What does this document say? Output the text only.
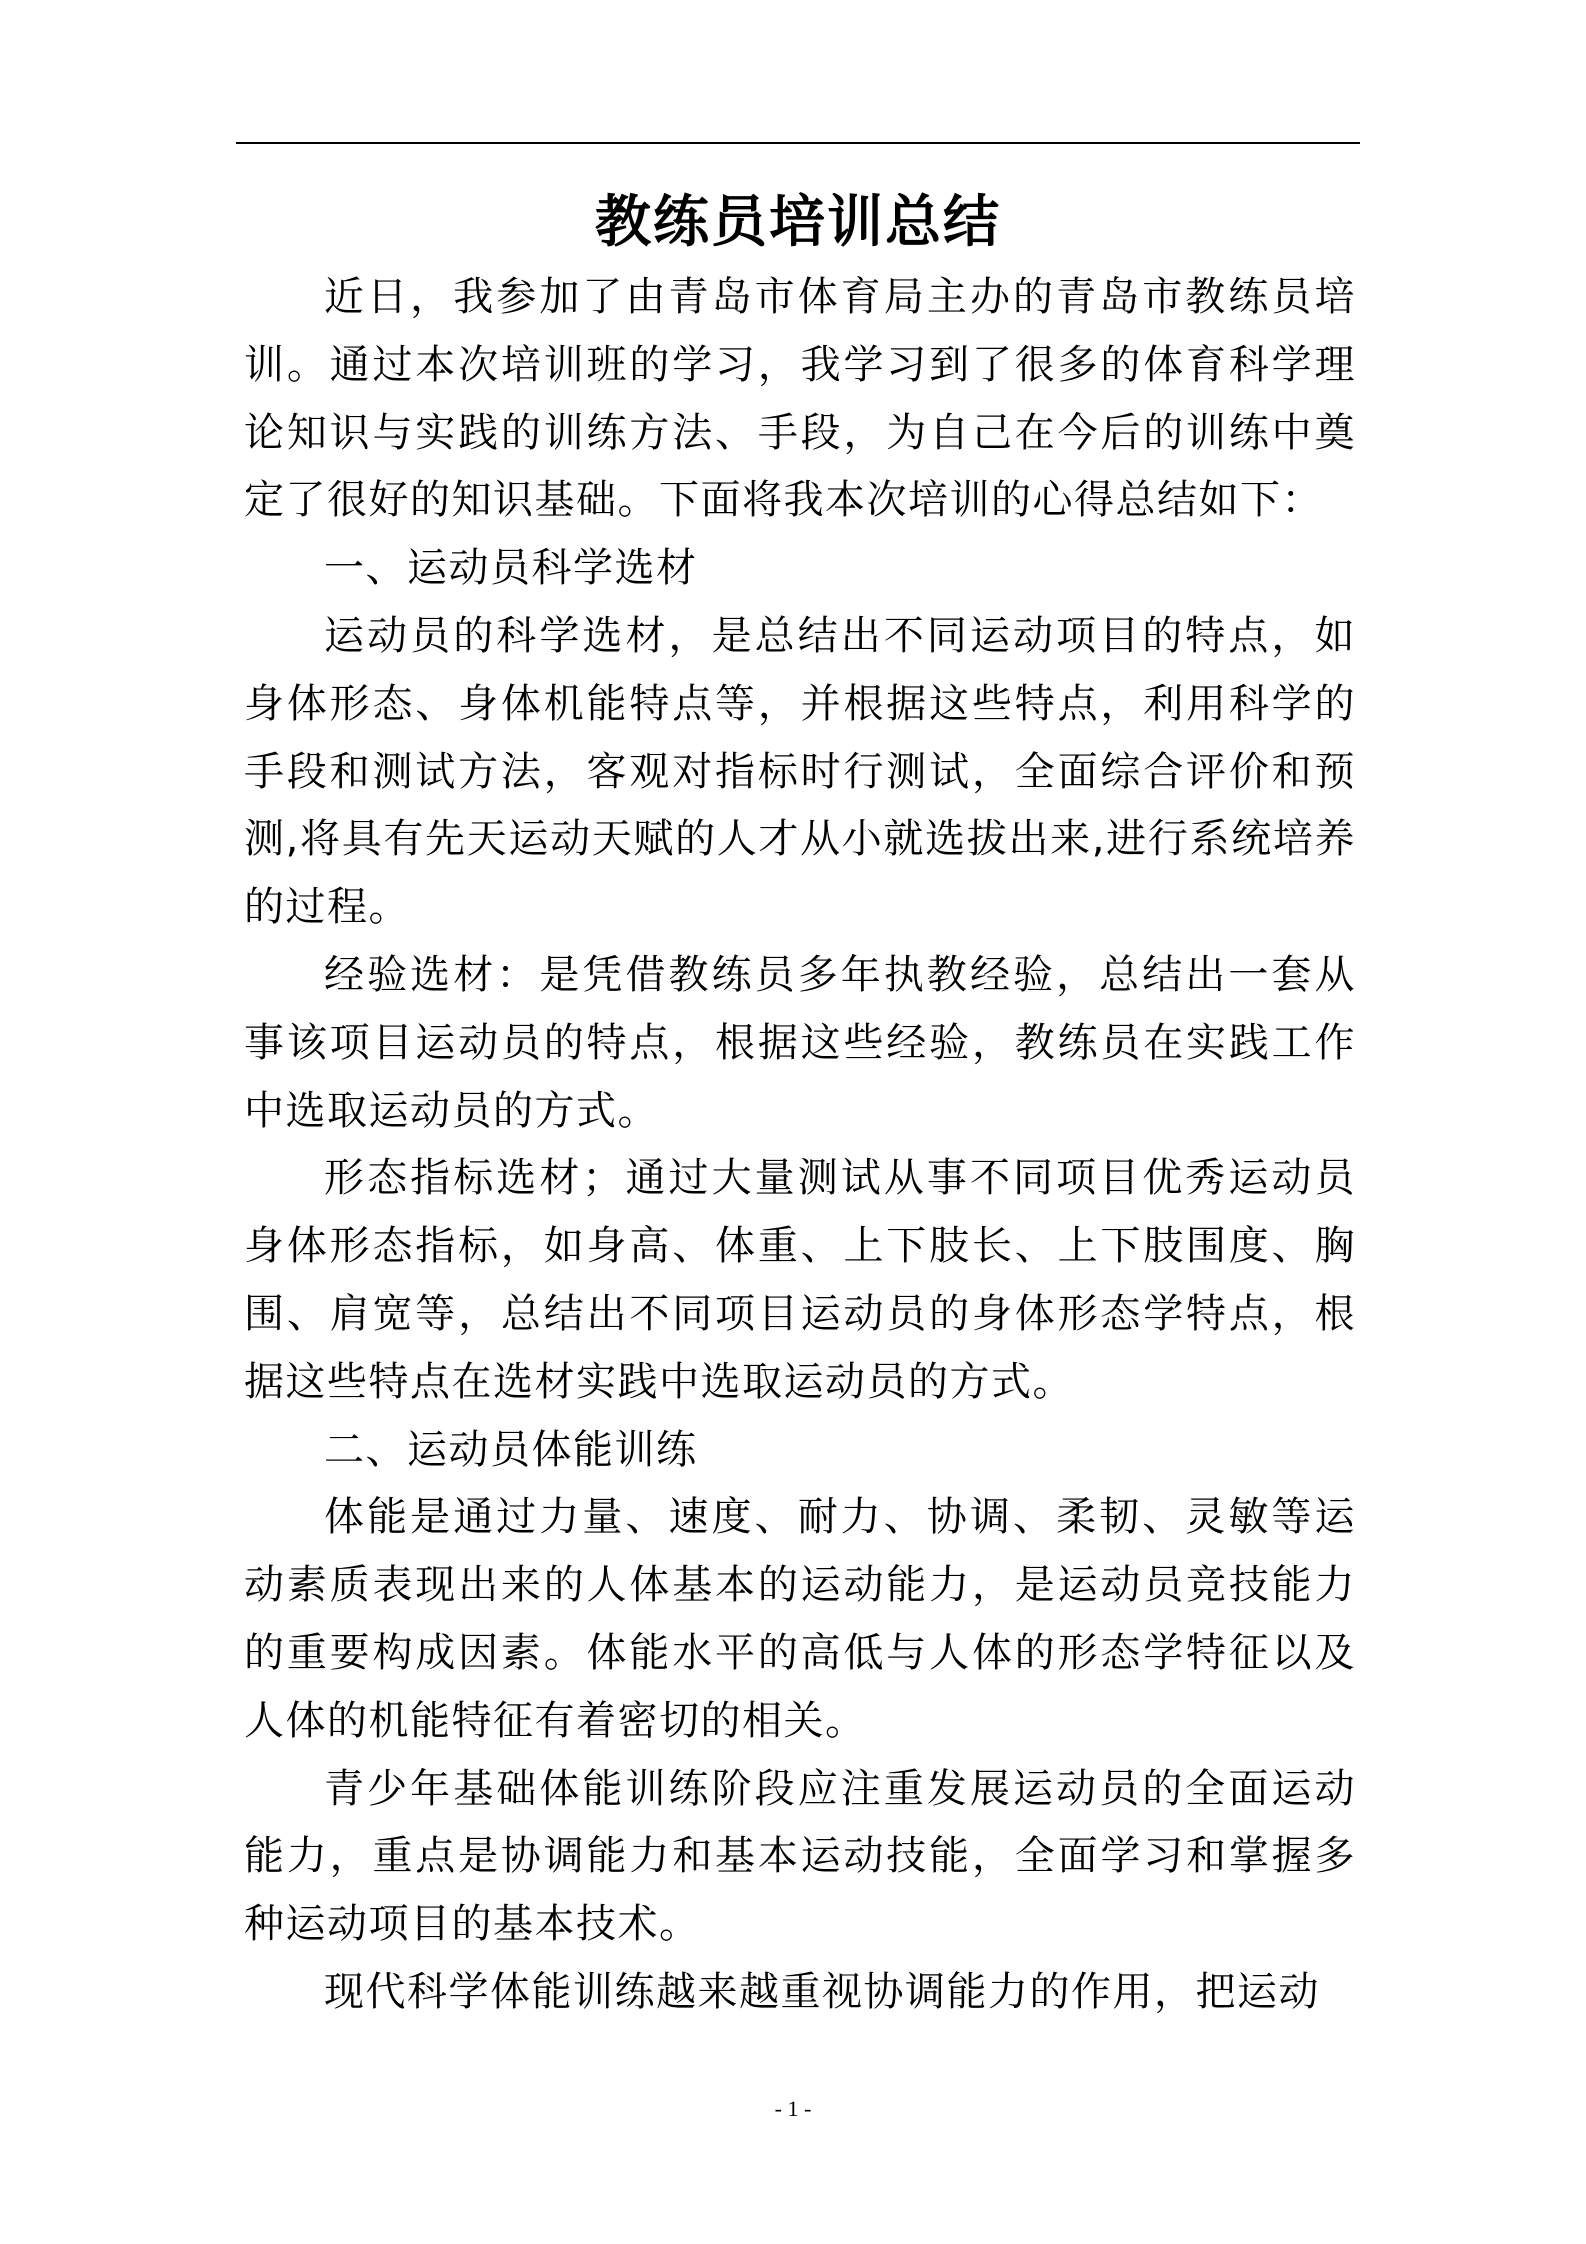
教练员培训总结

近日，我参加了由青岛市体育局主办的青岛市教练员培训。通过本次培训班的学习，我学习到了很多的体育科学理论知识与实践的训练方法、手段，为自己在今后的训练中奠定了很好的知识基础。下面将我本次培训的心得总结如下：

一、运动员科学选材

运动员的科学选材，是总结出不同运动项目的特点，如身体形态、身体机能特点等，并根据这些特点，利用科学的手段和测试方法，客观对指标时行测试，全面综合评价和预测,将具有先天运动天赋的人才从小就选拔出来,进行系统培养的过程。

经验选材：是凭借教练员多年执教经验，总结出一套从事该项目运动员的特点，根据这些经验，教练员在实践工作中选取运动员的方式。

形态指标选材；通过大量测试从事不同项目优秀运动员身体形态指标，如身高、体重、上下肢长、上下肢围度、胸围、肩宽等，总结出不同项目运动员的身体形态学特点，根据这些特点在选材实践中选取运动员的方式。

二、运动员体能训练

体能是通过力量、速度、耐力、协调、柔韧、灵敏等运动素质表现出来的人体基本的运动能力，是运动员竞技能力的重要构成因素。体能水平的高低与人体的形态学特征以及人体的机能特征有着密切的相关。

青少年基础体能训练阶段应注重发展运动员的全面运动能力，重点是协调能力和基本运动技能，全面学习和掌握多种运动项目的基本技术。

现代科学体能训练越来越重视协调能力的作用，把运动

- 1 -
